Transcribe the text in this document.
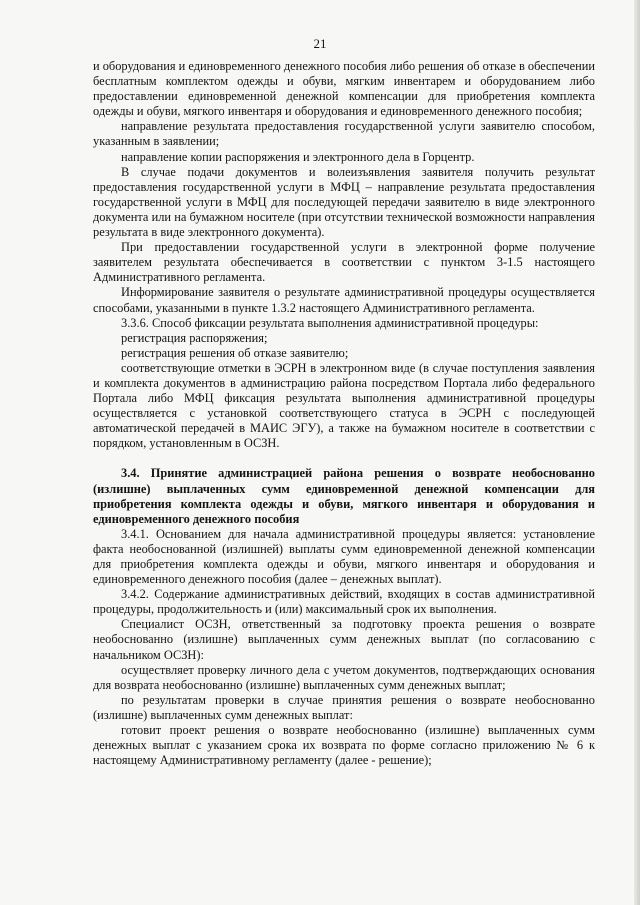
21

и оборудования и единовременного денежного пособия либо решения об отказе в обеспечении бесплатным комплектом одежды и обуви, мягким инвентарем и оборудованием либо предоставлении единовременной денежной компенсации для приобретения комплекта одежды и обуви, мягкого инвентаря и оборудования и единовременного денежного пособия;

направление результата предоставления государственной услуги заявителю способом, указанным в заявлении;

направление копии распоряжения и электронного дела в Горцентр.

В случае подачи документов и волеизъявления заявителя получить результат предоставления государственной услуги в МФЦ – направление результата предоставления государственной услуги в МФЦ для последующей передачи заявителю в виде электронного документа или на бумажном носителе (при отсутствии технической возможности направления результата в виде электронного документа).

При предоставлении государственной услуги в электронной форме получение заявителем результата обеспечивается в соответствии с пунктом 3-1.5 настоящего Административного регламента.

Информирование заявителя о результате административной процедуры осуществляется способами, указанными в пункте 1.3.2 настоящего Административного регламента.

3.3.6. Способ фиксации результата выполнения административной процедуры:

регистрация распоряжения;

регистрация решения об отказе заявителю;

соответствующие отметки в ЭСРН в электронном виде (в случае поступления заявления и комплекта документов в администрацию района посредством Портала либо федерального Портала либо МФЦ фиксация результата выполнения административной процедуры осуществляется с установкой соответствующего статуса в ЭСРН с последующей автоматической передачей в МАИС ЭГУ), а также на бумажном носителе в соответствии с порядком, установленным в ОСЗН.

3.4. Принятие администрацией района решения о возврате необоснованно (излишне) выплаченных сумм единовременной денежной компенсации для приобретения комплекта одежды и обуви, мягкого инвентаря и оборудования и единовременного денежного пособия

3.4.1. Основанием для начала административной процедуры является: установление факта необоснованной (излишней) выплаты сумм единовременной денежной компенсации для приобретения комплекта одежды и обуви, мягкого инвентаря и оборудования и единовременного денежного пособия (далее – денежных выплат).

3.4.2. Содержание административных действий, входящих в состав административной процедуры, продолжительность и (или) максимальный срок их выполнения.

Специалист ОСЗН, ответственный за подготовку проекта решения о возврате необоснованно (излишне) выплаченных сумм денежных выплат (по согласованию с начальником ОСЗН):

осуществляет проверку личного дела с учетом документов, подтверждающих основания для возврата необоснованно (излишне) выплаченных сумм денежных выплат;

по результатам проверки в случае принятия решения о возврате необоснованно (излишне) выплаченных сумм денежных выплат:

готовит проект решения о возврате необоснованно (излишне) выплаченных сумм денежных выплат с указанием срока их возврата по форме согласно приложению № 6 к настоящему Административному регламенту (далее - решение);
